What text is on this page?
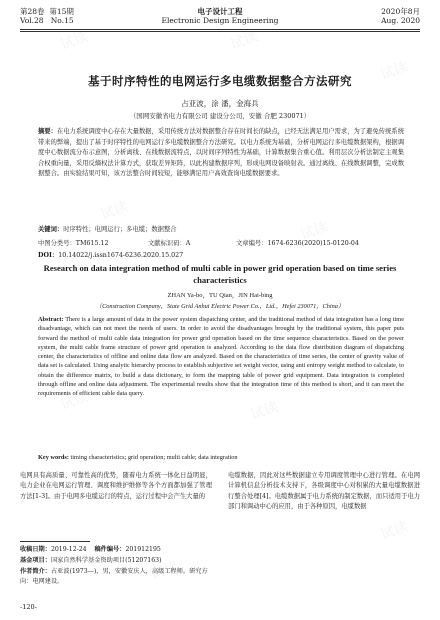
试读	试读
试读
试读
试读
试读	试读
试读
试读
第28卷 第15期
Vol.28 No.15
电子设计工程
Electronic Design Engineering
2020年8月
Aug. 2020
基于时序特性的电网运行多电缆数据整合方法研究
占亚波，涂 潘，金海兵
（国网安徽省电力有限公司 建设分公司，安徽 合肥 230071）
摘要：在电力系统调度中心存在大量数据，采用传统方法对数据整合存在时间长的缺点，已经无法满足用户需求，为了避免传统系统带来的弊端，提出了基于时序特性的电网运行多电缆数据整合方法研究。以电力系统为基础，分析电网运行多电缆数据架构，根据调度中心数据流分布示意图，分析离线、在线数据流特点，以时间序列特性为基础，计算数据集合重心值。利用层次分析法制定主观集合权重向量，采用反熵权法计算方式，获取差异矩阵，以此构建数据序列，形成电网设备映射表。通过离线、在线数据调整，完成数据整合。由实验结果可知，该方法整合时间较短，能够满足用户高效查询电缆数据要求。
关键词：时序特性；电网运行；多电缆；数据整合
中图分类号：TM615.12	文献标识码：A	文章编号：1674-6236(2020)15-0120-04
DOI：10.14022/j.issn1674-6236.2020.15.027
Research on data integration method of multi cable in power grid operation based on time series characteristics
ZHAN Ya-bo，TU Qian，JIN Hai-bing
（Construction Company，State Grid Anhui Electric Power Co.，Ltd.，Hefei 230071，China）
Abstract: There is a large amount of data in the power system dispatching center, and the traditional method of data integration has a long time disadvantage, which can not meet the needs of users. In order to avoid the disadvantages brought by the traditional system, this paper puts forward the method of multi cable data integration for power grid operation based on the time sequence characteristics. Based on the power system, the multi cable frame structure of power grid operation is analyzed. According to the data flow distribution diagram of dispatching center, the characteristics of offline and online data flow are analyzed. Based on the characteristics of time series, the center of gravity value of data set is calculated. Using analytic hierarchy process to establish subjective set weight vector, using anti entropy weight method to calculate, to obtain the difference matrix, to build a data dictionary, to form the mapping table of power grid equipment. Data integration is completed through offline and online data adjustment. The experimental results show that the integration time of this method is short, and it can meet the requirements of efficient cable data query.
Key words: timing characteristics; grid operation; multi cable; data integration
电网具有高质量、可靠性高的优势，随着电力系统一体化日益明显，电力企业在电网运行管理、调度和维护维修等各个方面都加强了管理方法[1-3]。由于电网多电缆运行的特点，运行过程中会产生大量的
电缆数据，因此对这些数据建立专用调度管理中心进行管理。在电网计算机信息分析技术支持下，各级调度中心对积累的大量电缆数据进行整合处理[4]。电缆数据属于电力系统的制定数据，而只适用于电力部门和调动中心的应用，由于各种原因，电缆数据
收稿日期：2019-12-24 稿件编号：201912195
基金项目：国家自然科学基金资助项目(51207163)
作者简介：占亚波(1973—)，男，安徽安庆人，高级工程师。研究方向：电网建设。
-120-
